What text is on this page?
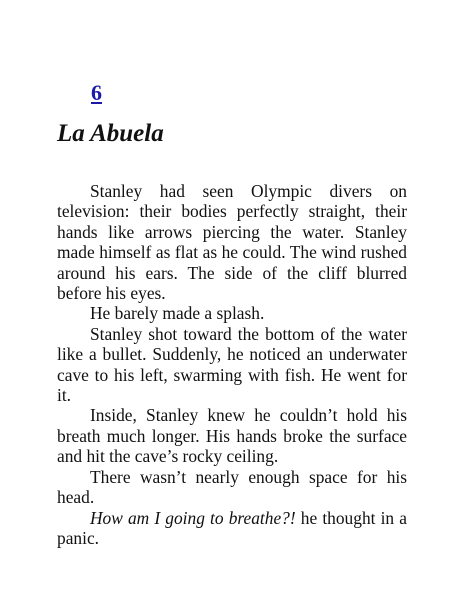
6
La Abuela

Stanley had seen Olympic divers on television: their bodies perfectly straight, their hands like arrows piercing the water. Stanley made himself as flat as he could. The wind rushed around his ears. The side of the cliff blurred before his eyes.

He barely made a splash.

Stanley shot toward the bottom of the water like a bullet. Suddenly, he noticed an underwater cave to his left, swarming with fish. He went for it.

Inside, Stanley knew he couldn’t hold his breath much longer. His hands broke the surface and hit the cave’s rocky ceiling.

There wasn’t nearly enough space for his head.

How am I going to breathe?! he thought in a panic.
